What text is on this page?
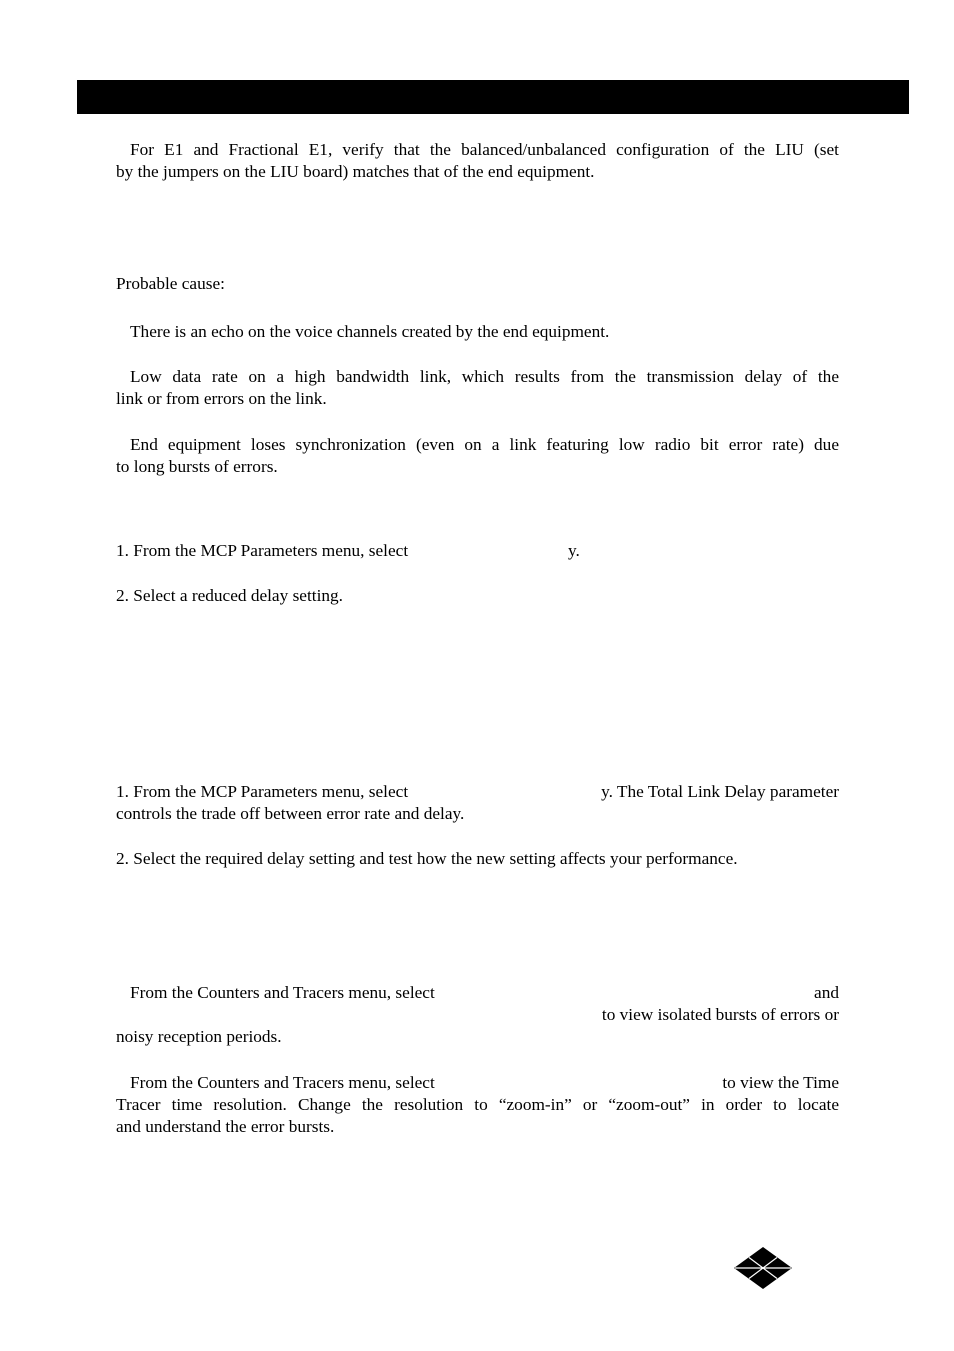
For E1 and Fractional E1, verify that the balanced/unbalanced configuration of the LIU (set
by the jumpers on the LIU board) matches that of the end equipment.

Probable cause:

There is an echo on the voice channels created by the end equipment.
Low data rate on a high bandwidth link, which results from the transmission delay of the
link or from errors on the link.
End equipment loses synchronization (even on a link featuring low radio bit error rate) due
to long bursts of errors.

1. From the MCP Parameters menu, select	y.

2. Select a reduced delay setting.

1. From the MCP Parameters menu, select	y. The Total Link Delay parameter

controls the trade off between error rate and delay.

2. Select the required delay setting and test how the new setting affects your performance.

From the Counters and Tracers menu, select	and

to view isolated bursts of errors or

noisy reception periods.

From the Counters and Tracers menu, select	to view the Time

Tracer time resolution. Change the resolution to “zoom-in” or “zoom-out” in order to locate
and understand the error bursts.
